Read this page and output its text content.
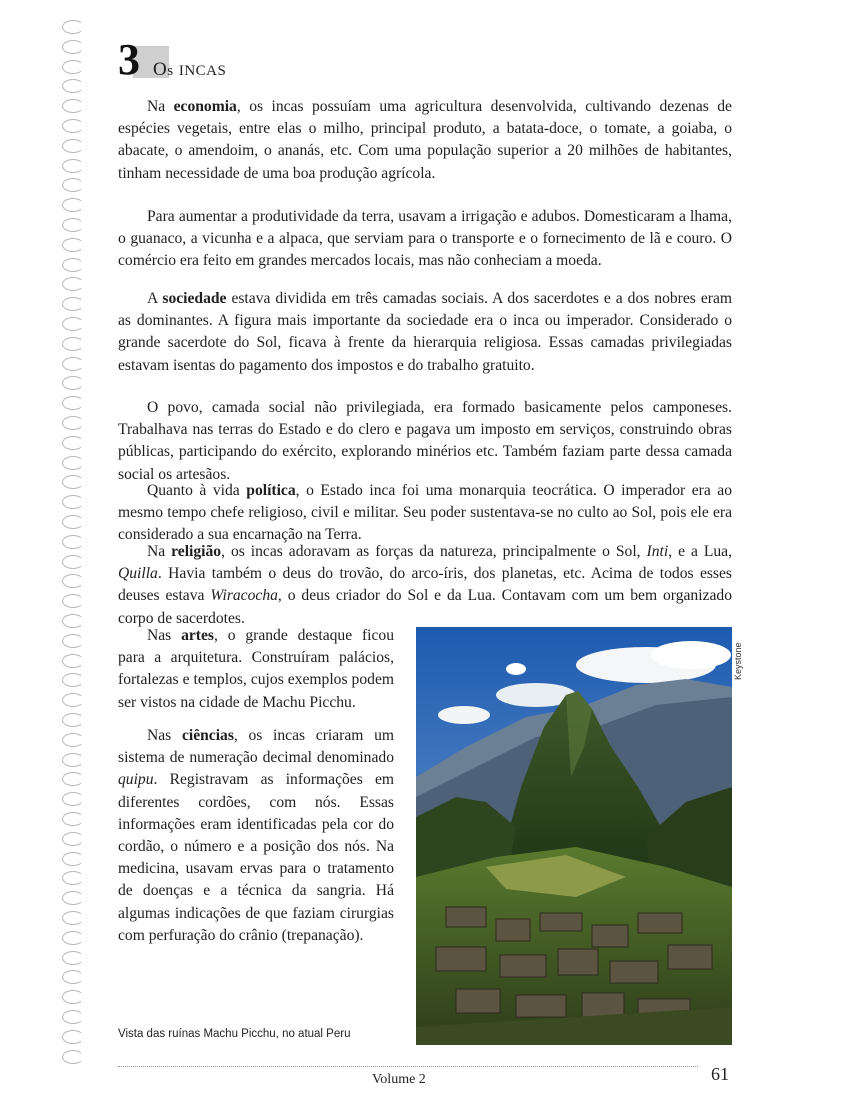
3 Os INCAS

Na economia, os incas possuíam uma agricultura desenvolvida, cultivando dezenas de espécies vegetais, entre elas o milho, principal produto, a batata-doce, o tomate, a goiaba, o abacate, o amendoim, o ananás, etc. Com uma população superior a 20 milhões de habitantes, tinham necessidade de uma boa produção agrícola.

Para aumentar a produtividade da terra, usavam a irrigação e adubos. Domesticaram a lhama, o guanaco, a vicunha e a alpaca, que serviam para o transporte e o fornecimento de lã e couro. O comércio era feito em grandes mercados locais, mas não conheciam a moeda.

A sociedade estava dividida em três camadas sociais. A dos sacerdotes e a dos nobres eram as dominantes. A figura mais importante da sociedade era o inca ou imperador. Considerado o grande sacerdote do Sol, ficava à frente da hierarquia religiosa. Essas camadas privilegiadas estavam isentas do pagamento dos impostos e do trabalho gratuito.

O povo, camada social não privilegiada, era formado basicamente pelos camponeses. Trabalhava nas terras do Estado e do clero e pagava um imposto em serviços, construindo obras públicas, participando do exército, explorando minérios etc. Também faziam parte dessa camada social os artesãos.

Quanto à vida política, o Estado inca foi uma monarquia teocrática. O imperador era ao mesmo tempo chefe religioso, civil e militar. Seu poder sustentava-se no culto ao Sol, pois ele era considerado a sua encarnação na Terra.

Na religião, os incas adoravam as forças da natureza, principalmente o Sol, Inti, e a Lua, Quilla. Havia também o deus do trovão, do arco-íris, dos planetas, etc. Acima de todos esses deuses estava Wiracocha, o deus criador do Sol e da Lua. Contavam com um bem organizado corpo de sacerdotes.

Nas artes, o grande destaque ficou para a arquitetura. Construíram palácios, fortalezas e templos, cujos exemplos podem ser vistos na cidade de Machu Picchu.

Nas ciências, os incas criaram um sistema de numeração decimal denominado quipu. Registravam as informações em diferentes cordões, com nós. Essas informações eram identificadas pela cor do cordão, o número e a posição dos nós. Na medicina, usavam ervas para o tratamento de doenças e a técnica da sangria. Há algumas indicações de que faziam cirurgias com perfuração do crânio (trepanação).

Keystone
Vista das ruínas Machu Picchu, no atual Peru
Volume 2	61
